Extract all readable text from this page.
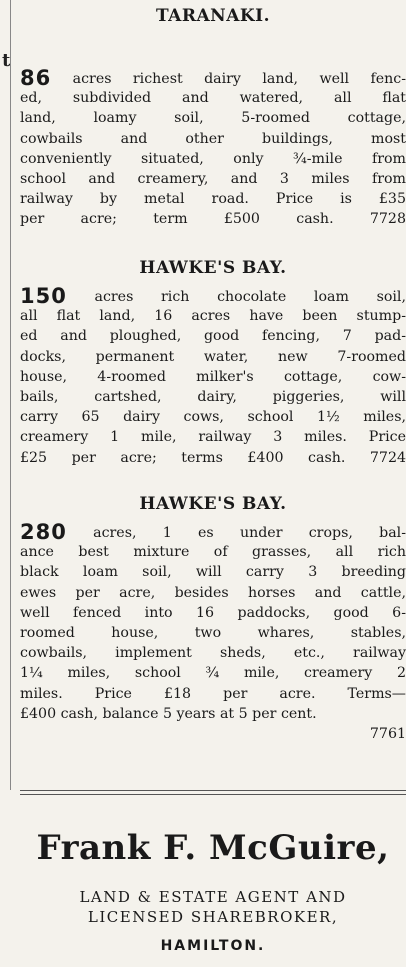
t
TARANAKI.
86 acres richest dairy land, well fenc-
ed, subdivided and watered, all flat
land, loamy soil, 5-roomed cottage,
cowbails and other buildings, most
conveniently situated, only ¾-mile from
school and creamery, and 3 miles from
railway by metal road. Price is £35
per acre; term £500 cash. 7728
HAWKE'S BAY.
150 acres rich chocolate loam soil,
all flat land, 16 acres have been stump-
ed and ploughed, good fencing, 7 pad-
docks, permanent water, new 7-roomed
house, 4-roomed milker's cottage, cow-
bails, cartshed, dairy, piggeries, will
carry 65 dairy cows, school 1½ miles,
creamery 1 mile, railway 3 miles. Price
£25 per acre; terms £400 cash. 7724
HAWKE'S BAY.
280 acres, 1 es under crops, bal-
ance best mixture of grasses, all rich
black loam soil, will carry 3 breeding
ewes per acre, besides horses and cattle,
well fenced into 16 paddocks, good 6-
roomed house, two whares, stables,
cowbails, implement sheds, etc., railway
1¼ miles, school ¾ mile, creamery 2
miles. Price £18 per acre. Terms—
£400 cash, balance 5 years at 5 per cent.
7761
Frank F. McGuire,
LAND & ESTATE AGENT AND
LICENSED SHAREBROKER,
HAMILTON.
